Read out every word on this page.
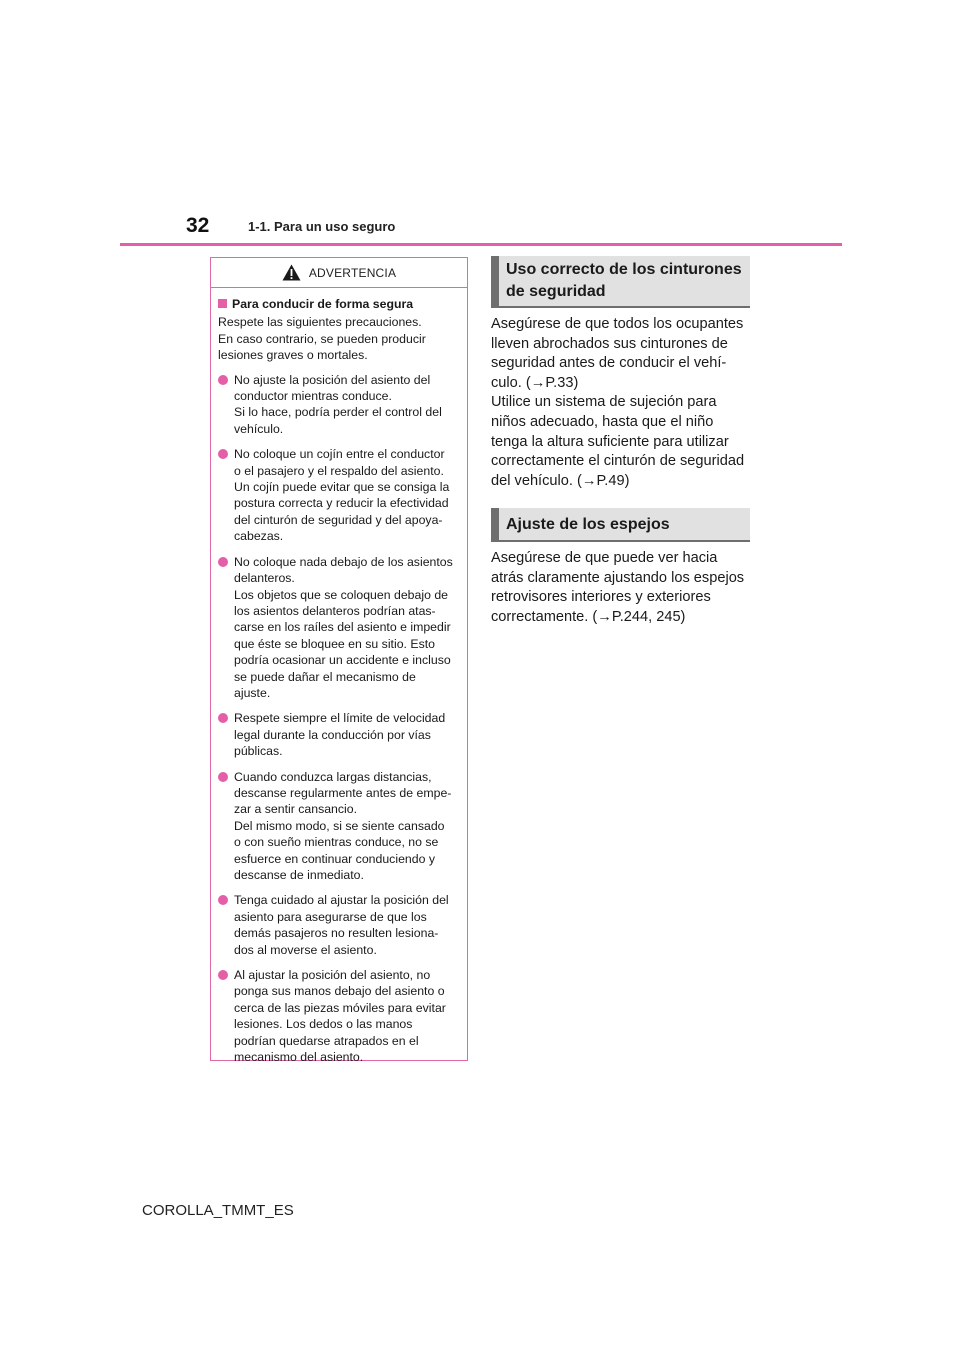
32	1-1. Para un uso seguro
ADVERTENCIA
Para conducir de forma segura
Respete las siguientes precauciones.
En caso contrario, se pueden producir
lesiones graves o mortales.
No ajuste la posición del asiento del
conductor mientras conduce.
Si lo hace, podría perder el control del
vehículo.
No coloque un cojín entre el conductor
o el pasajero y el respaldo del asiento.
Un cojín puede evitar que se consiga la
postura correcta y reducir la efectividad
del cinturón de seguridad y del apoya-
cabezas.
No coloque nada debajo de los asientos
delanteros.
Los objetos que se coloquen debajo de
los asientos delanteros podrían atas-
carse en los raíles del asiento e impedir
que éste se bloquee en su sitio. Esto
podría ocasionar un accidente e incluso
se puede dañar el mecanismo de
ajuste.
Respete siempre el límite de velocidad
legal durante la conducción por vías
públicas.
Cuando conduzca largas distancias,
descanse regularmente antes de empe-
zar a sentir cansancio.
Del mismo modo, si se siente cansado
o con sueño mientras conduce, no se
esfuerce en continuar conduciendo y
descanse de inmediato.
Tenga cuidado al ajustar la posición del
asiento para asegurarse de que los
demás pasajeros no resulten lesiona-
dos al moverse el asiento.
Al ajustar la posición del asiento, no
ponga sus manos debajo del asiento o
cerca de las piezas móviles para evitar
lesiones. Los dedos o las manos
podrían quedarse atrapados en el
mecanismo del asiento.
Uso correcto de los cinturones
de seguridad
Asegúrese de que todos los ocupantes
lleven abrochados sus cinturones de
seguridad antes de conducir el vehí-
culo. (→P.33)
Utilice un sistema de sujeción para
niños adecuado, hasta que el niño
tenga la altura suficiente para utilizar
correctamente el cinturón de seguridad
del vehículo. (→P.49)
Ajuste de los espejos
Asegúrese de que puede ver hacia
atrás claramente ajustando los espejos
retrovisores interiores y exteriores
correctamente. (→P.244, 245)
COROLLA_TMMT_ES
